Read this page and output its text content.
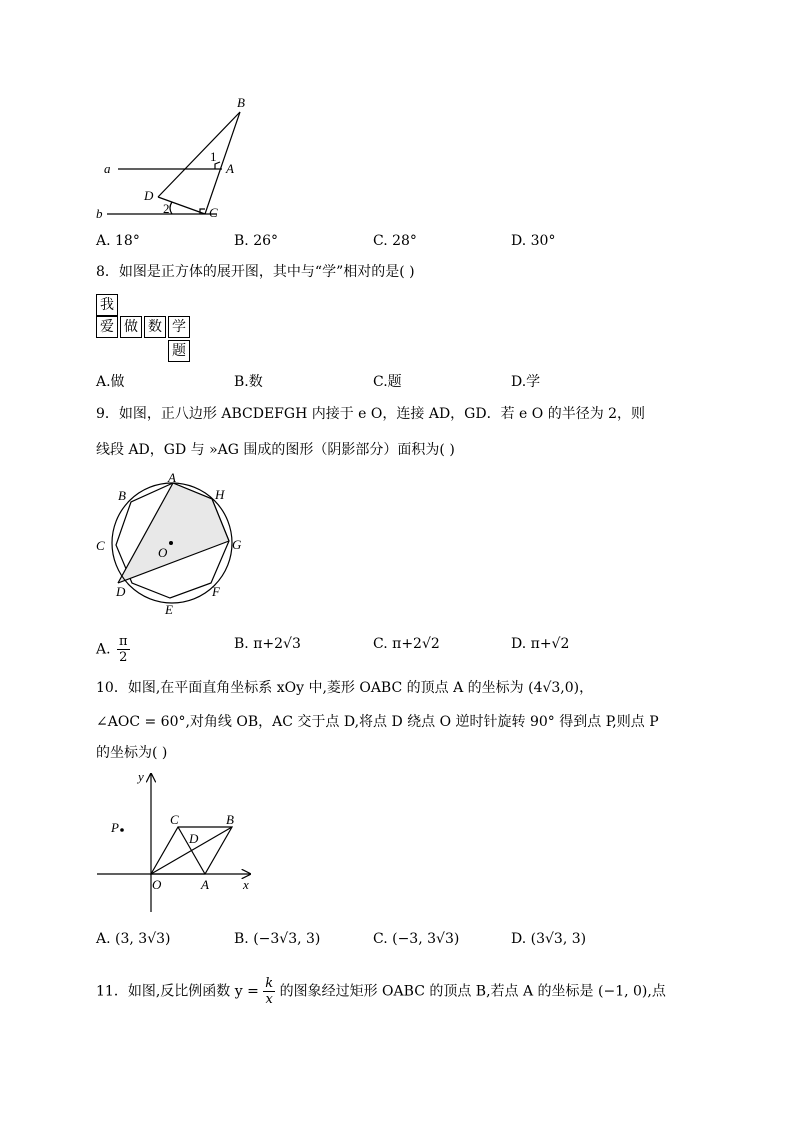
B
1
A
a
D
2	C
b
A. 18°	B. 26°	C. 28°	D. 30°
8．如图是正方体的展开图，其中与“学”相对的是( )
我
爱 做 数 学
题
A.做	B.数	C.题	D.学
9．如图，正八边形 ABCDEFGH 内接于 e O，连接 AD，GD．若 e O 的半径为 2，则
线段 AD，GD 与 »AG 围成的图形（阴影部分）面积为( )
A
B
C
D
E
F
G
H
O
A. $\frac{\pi}{2}$	B. π+2√3	C. π+2√2	D. π+√2
10．如图,在平面直角坐标系 xOy 中,菱形 OABC 的顶点 A 的坐标为 (4√3,0)，
∠AOC = 60°,对角线 OB，AC 交于点 D,将点 D 绕点 O 逆时针旋转 90° 得到点 P,则点 P
的坐标为( )
y
x
O	A
B
C
D
P
A. (3, 3√3)	B. (−3√3, 3)	C. (−3, 3√3)	D. (3√3, 3)
11．如图,反比例函数 $y = \frac{k}{x}$ 的图象经过矩形 OABC 的顶点 B,若点 A 的坐标是 (−1, 0),点
